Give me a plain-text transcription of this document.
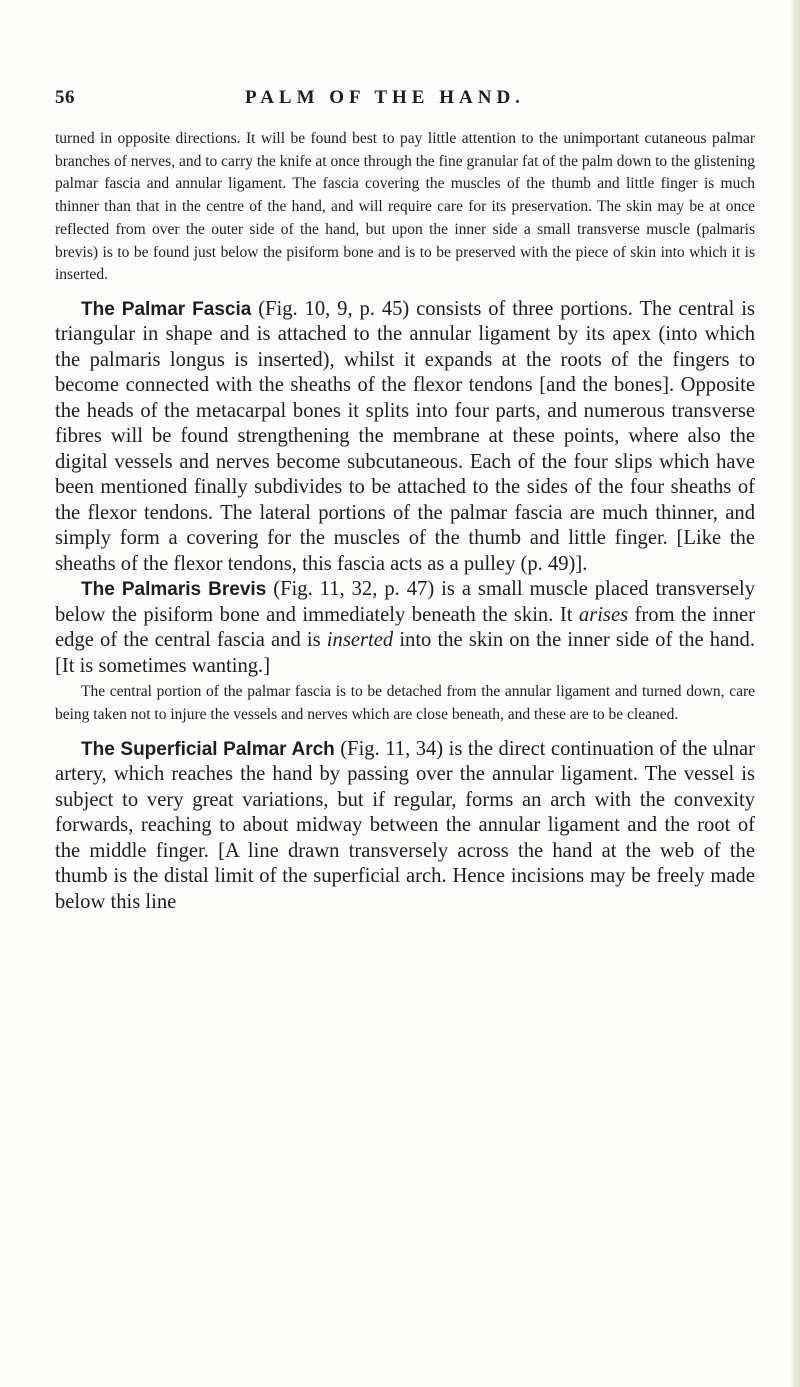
56	PALM OF THE HAND.

turned in opposite directions. It will be found best to pay little attention to the unimportant cutaneous palmar branches of nerves, and to carry the knife at once through the fine granular fat of the palm down to the glistening palmar fascia and annular ligament. The fascia covering the muscles of the thumb and little finger is much thinner than that in the centre of the hand, and will require care for its preservation. The skin may be at once reflected from over the outer side of the hand, but upon the inner side a small transverse muscle (palmaris brevis) is to be found just below the pisiform bone and is to be preserved with the piece of skin into which it is inserted.

The Palmar Fascia (Fig. 10, 9, p. 45) consists of three portions. The central is triangular in shape and is attached to the annular ligament by its apex (into which the palmaris longus is inserted), whilst it expands at the roots of the fingers to become connected with the sheaths of the flexor tendons [and the bones]. Opposite the heads of the metacarpal bones it splits into four parts, and numerous transverse fibres will be found strengthening the membrane at these points, where also the digital vessels and nerves become subcutaneous. Each of the four slips which have been mentioned finally subdivides to be attached to the sides of the four sheaths of the flexor tendons. The lateral portions of the palmar fascia are much thinner, and simply form a covering for the muscles of the thumb and little finger. [Like the sheaths of the flexor tendons, this fascia acts as a pulley (p. 49)].

The Palmaris Brevis (Fig. 11, 32, p. 47) is a small muscle placed transversely below the pisiform bone and immediately beneath the skin. It arises from the inner edge of the central fascia and is inserted into the skin on the inner side of the hand. [It is sometimes wanting.]

The central portion of the palmar fascia is to be detached from the annular ligament and turned down, care being taken not to injure the vessels and nerves which are close beneath, and these are to be cleaned.

The Superficial Palmar Arch (Fig. 11, 34) is the direct continuation of the ulnar artery, which reaches the hand by passing over the annular ligament. The vessel is subject to very great variations, but if regular, forms an arch with the convexity forwards, reaching to about midway between the annular ligament and the root of the middle finger. [A line drawn transversely across the hand at the web of the thumb is the distal limit of the superficial arch. Hence incisions may be freely made below this line
